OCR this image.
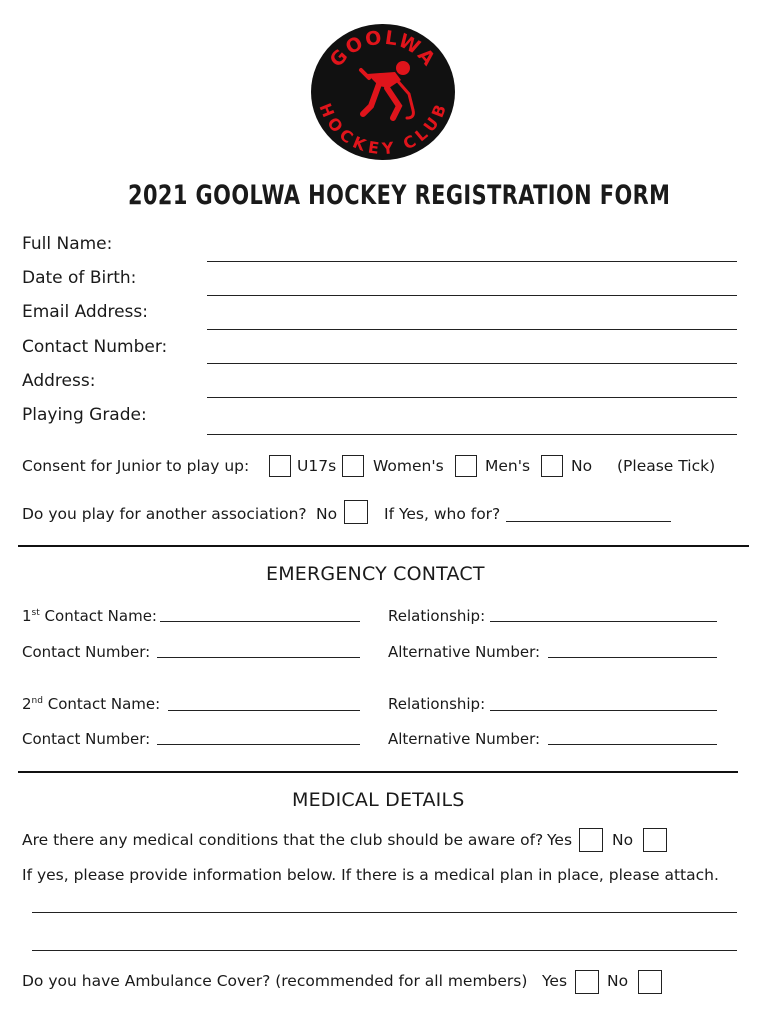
GOOLWA
HOCKEY CLUB
2021 GOOLWA HOCKEY REGISTRATION FORM
Full Name:
Date of Birth:
Email Address:
Contact Number:
Address:
Playing Grade:
Consent for Junior to play up:	U17s Women's	Men's	No (Please Tick)
Do you play for another association? No	If Yes, who for?
EMERGENCY CONTACT
1st Contact Name:	Relationship:
Contact Number:	Alternative Number:
2nd Contact Name:	Relationship:
Contact Number:	Alternative Number:
MEDICAL DETAILS
Are there any medical conditions that the club should be aware of? Yes	No
If yes, please provide information below. If there is a medical plan in place, please attach.
Do you have Ambulance Cover? (recommended for all members) Yes	No
